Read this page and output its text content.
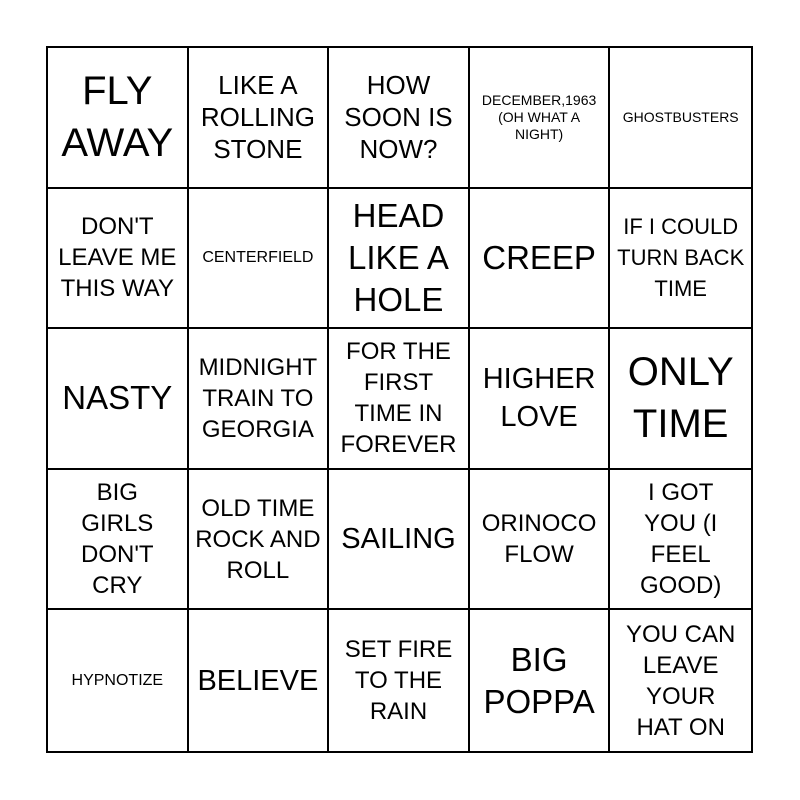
FLY AWAY
LIKE A ROLLING STONE
HOW SOON IS NOW?
DECEMBER,1963 (OH WHAT A NIGHT)
GHOSTBUSTERS
DON'T LEAVE ME THIS WAY
CENTERFIELD
HEAD LIKE A HOLE
CREEP
IF I COULD TURN BACK TIME
NASTY
MIDNIGHT TRAIN TO GEORGIA
FOR THE FIRST TIME IN FOREVER
HIGHER LOVE
ONLY TIME
BIG GIRLS DON'T CRY
OLD TIME ROCK AND ROLL
SAILING	ORINOCO FLOW
I GOT YOU (I FEEL GOOD)
HYPNOTIZE BELIEVE
SET FIRE TO THE RAIN
BIG POPPA
YOU CAN LEAVE YOUR HAT ON
